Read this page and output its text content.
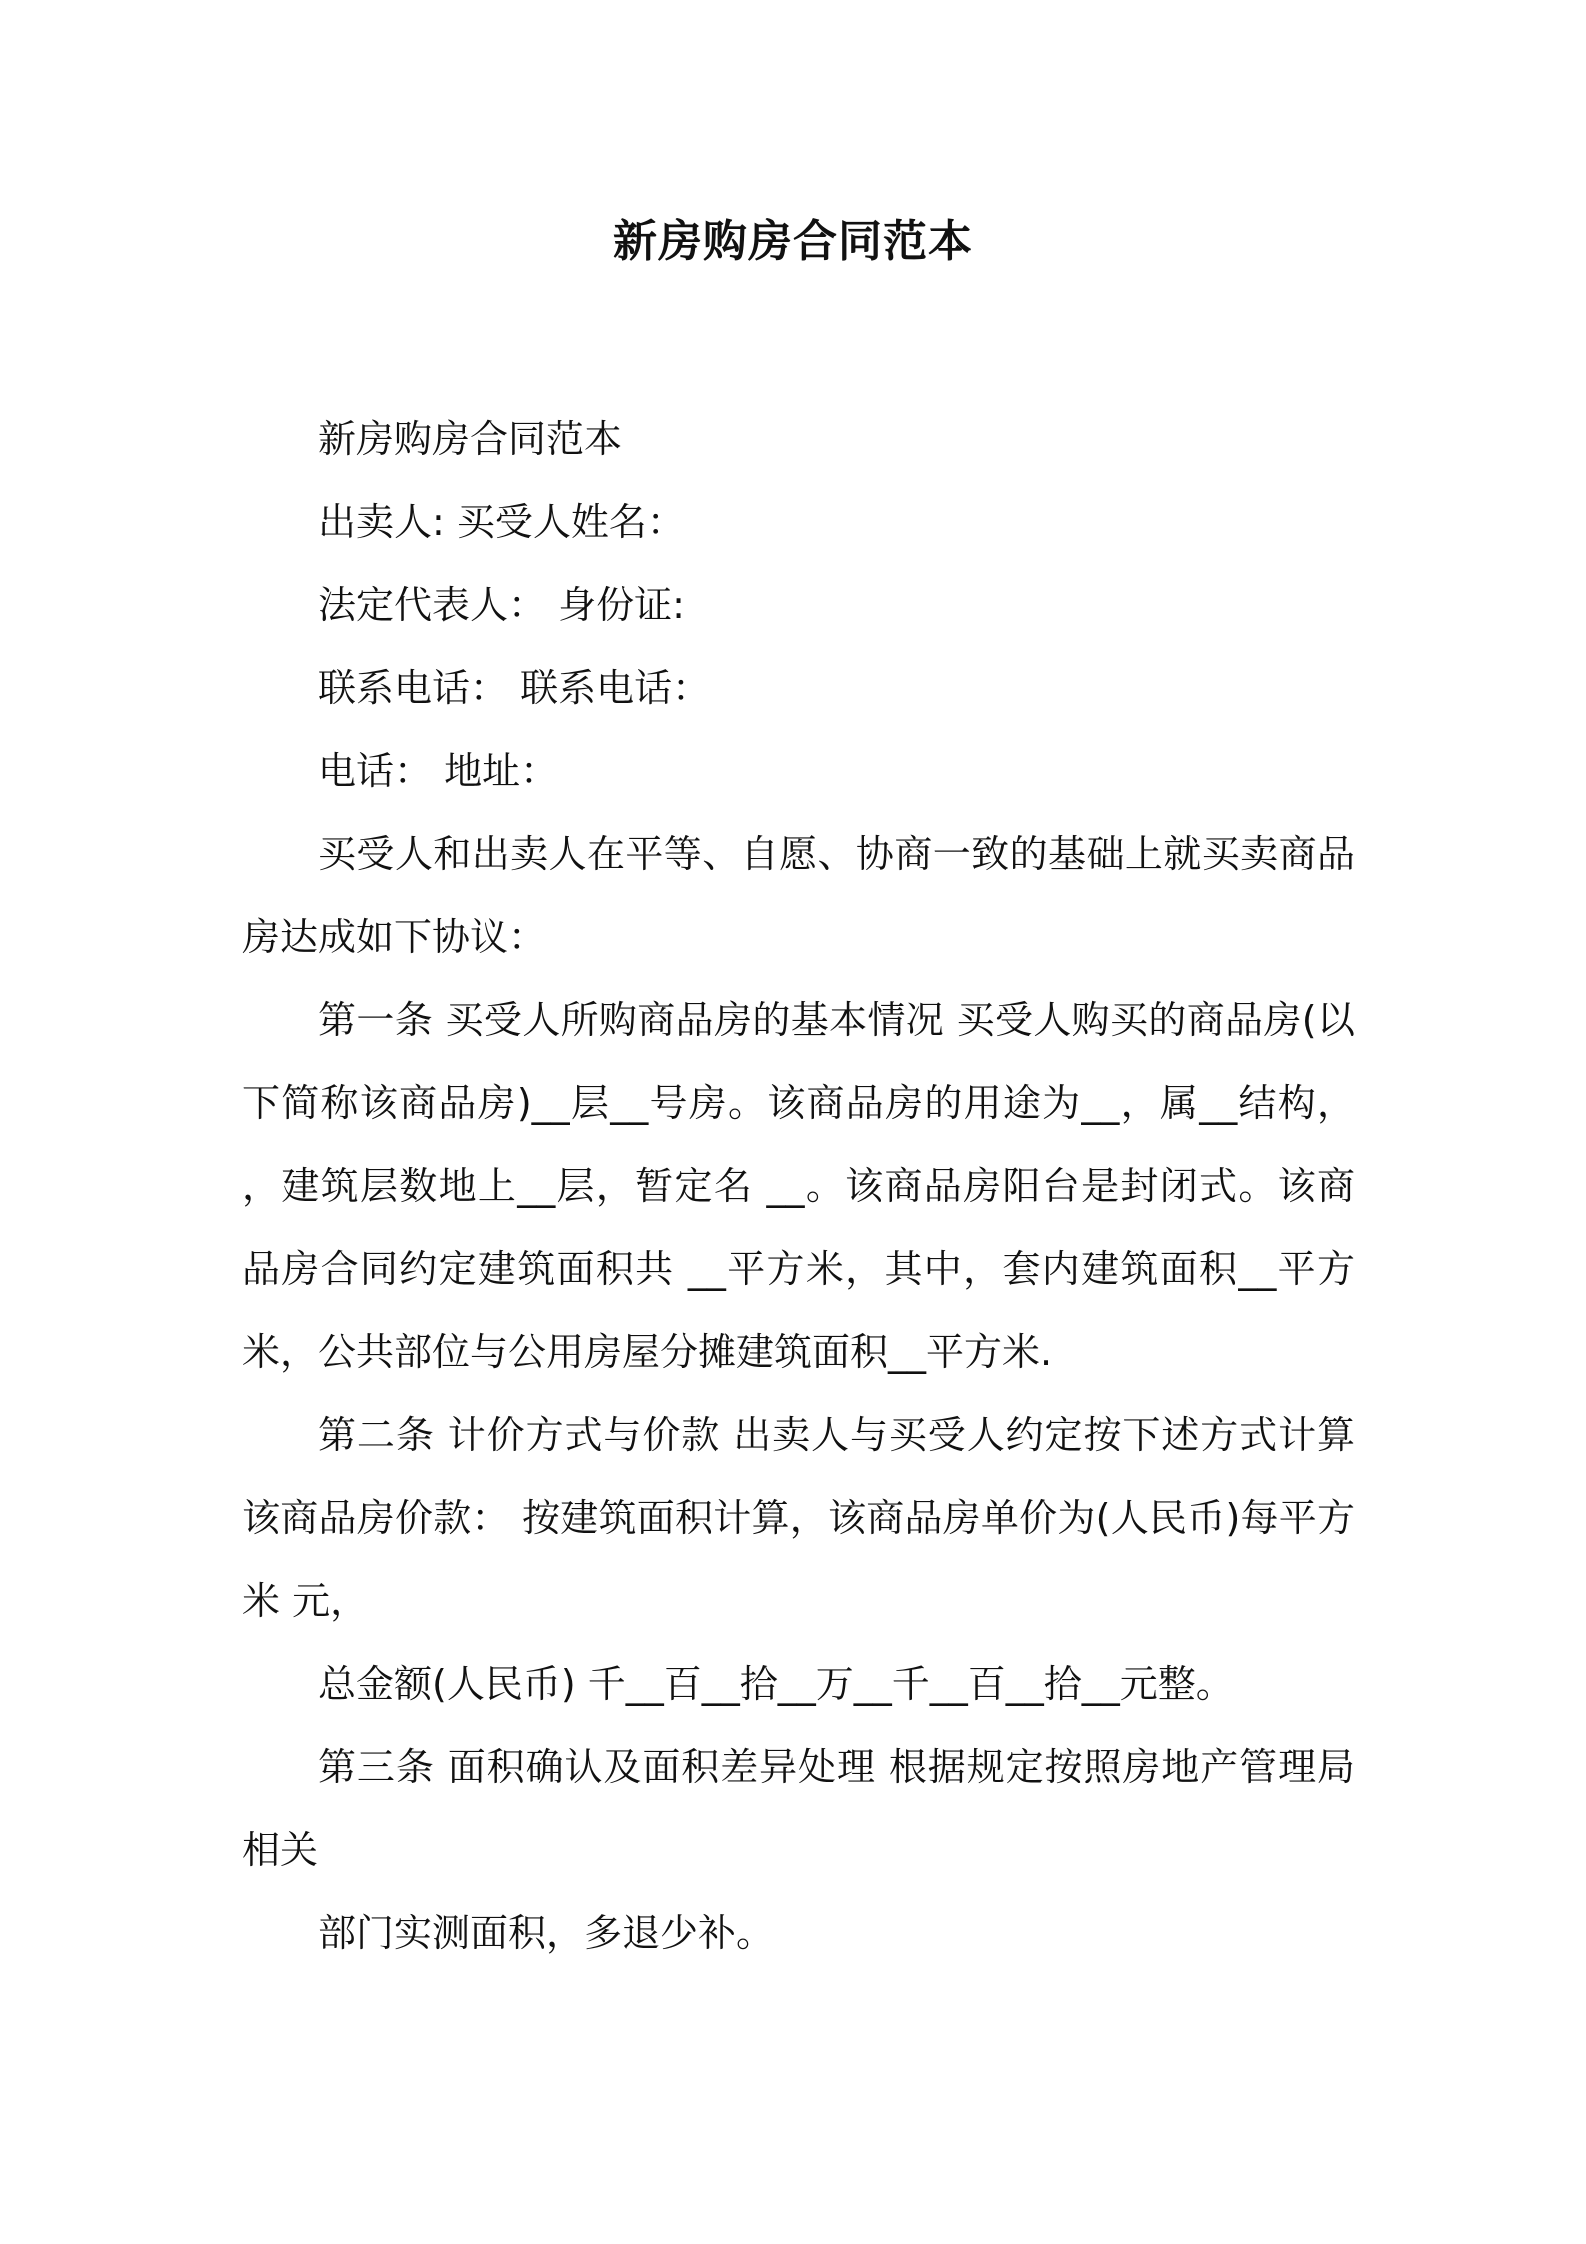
新房购房合同范本

新房购房合同范本

出卖人: 买受人姓名：

法定代表人： 身份证:

联系电话： 联系电话：

电话： 地址：

买受人和出卖人在平等、自愿、协商一致的基础上就买卖商品房达成如下协议：

第一条 买受人所购商品房的基本情况 买受人购买的商品房(以下简称该商品房)__层__号房。该商品房的用途为__，属__结构， ，建筑层数地上__层，暂定名 __。该商品房阳台是封闭式。该商品房合同约定建筑面积共 __平方米，其中，套内建筑面积__平方米，公共部位与公用房屋分摊建筑面积__平方米.

第二条 计价方式与价款 出卖人与买受人约定按下述方式计算该商品房价款： 按建筑面积计算，该商品房单价为(人民币)每平方米 元，

总金额(人民币) 千__百__拾__万__千__百__拾__元整。

第三条 面积确认及面积差异处理 根据规定按照房地产管理局相关

部门实测面积，多退少补。
